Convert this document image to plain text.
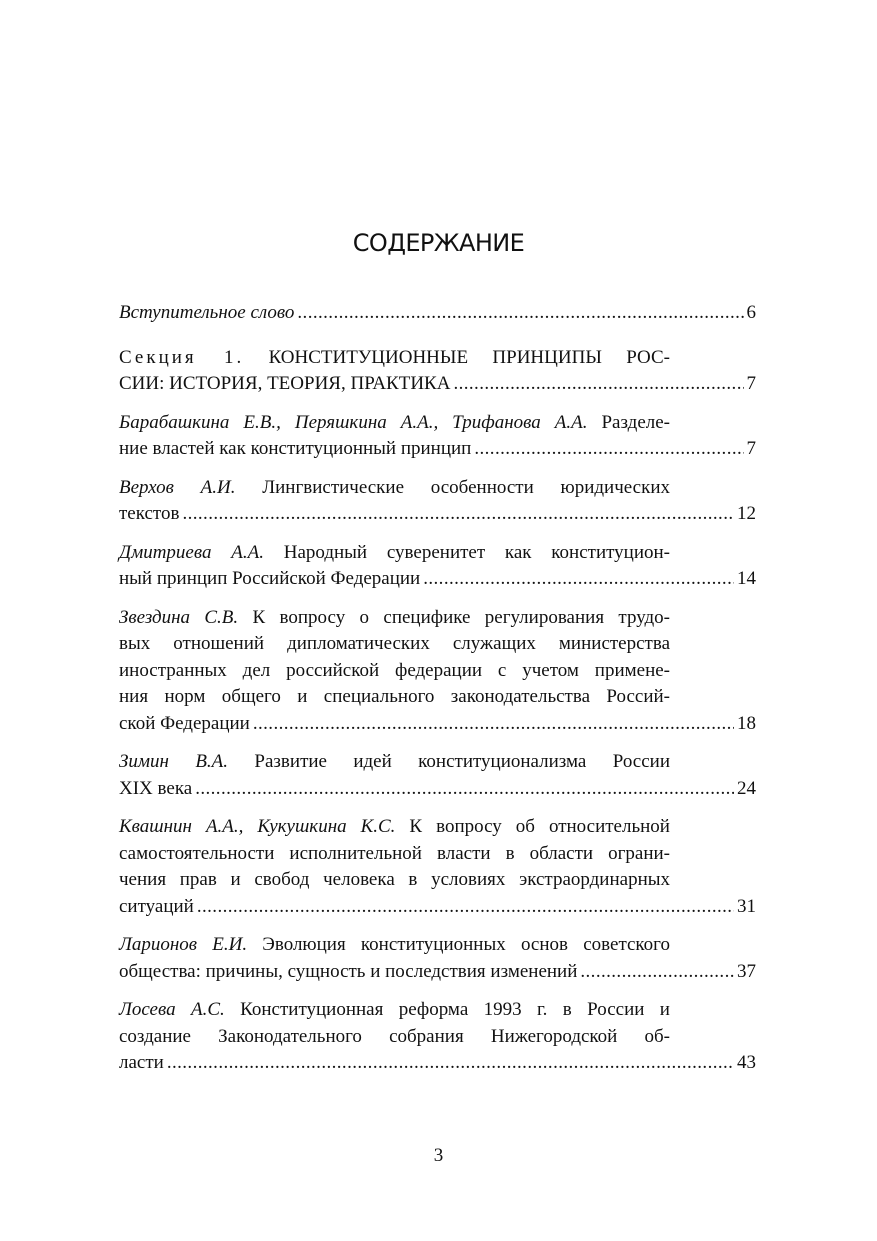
СОДЕРЖАНИЕ
Вступительное слово .....	6
Секция 1. КОНСТИТУЦИОННЫЕ ПРИНЦИПЫ РОС-
СИИ: ИСТОРИЯ, ТЕОРИЯ, ПРАКТИКА .....	7
Барабашкина Е.В., Перяшкина А.А., Трифанова А.А. Разделе-
ние властей как конституционный принцип .....	7
Верхов А.И. Лингвистические особенности юридических
текстов .....	12
Дмитриева А.А. Народный суверенитет как конституцион-
ный принцип Российской Федерации .....	14
Звездина С.В. К вопросу о специфике регулирования трудо-
вых отношений дипломатических служащих министерства
иностранных дел российской федерации с учетом примене-
ния норм общего и специального законодательства Россий-
ской Федерации .....	18
Зимин В.А. Развитие идей конституционализма России
XIX века .....	24
Квашнин А.А., Кукушкина К.С. К вопросу об относительной
самостоятельности исполнительной власти в области ограни-
чения прав и свобод человека в условиях экстраординарных
ситуаций .....	31
Ларионов Е.И. Эволюция конституционных основ советского
общества: причины, сущность и последствия изменений .....	37
Лосева А.С. Конституционная реформа 1993 г. в России и
создание Законодательного собрания Нижегородской об-
ласти .....	43
3
